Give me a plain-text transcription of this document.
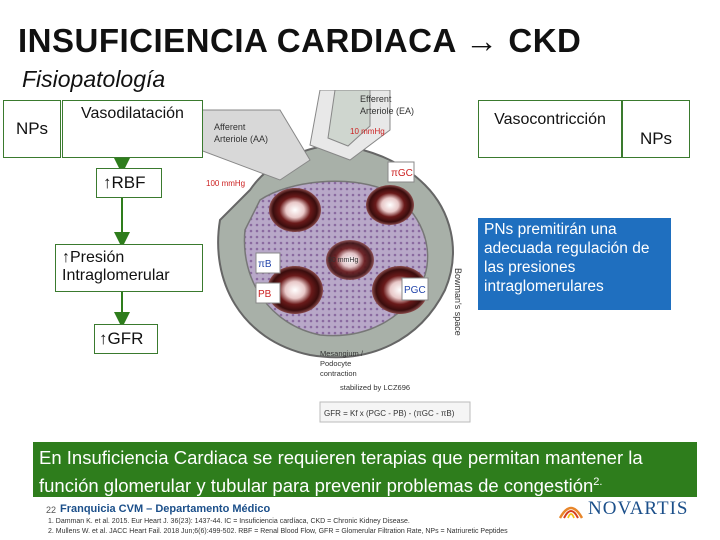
INSUFICIENCIA CARDIACA → CKD
Fisiopatología
πGC
πB
PB	PGC
Efferent
Arteriole (EA)
10 mmHg
Afferent
Arteriole (AA)
100 mmHg
50 mmHg
Bowman's space
Mesangium /
Podocyte
contraction
stabilized by LCZ696
GFR = Kf x (PGC - PB) - (πGC - πB)
NPs
Vasodilatación	Vasocontricción
NPs
↑RBF
↑Presión
Intraglomerular
↑GFR
PNs premitirán una adecuada regulación de las presiones intraglomerulares
En Insuficiencia Cardiaca se requieren terapias que permitan mantener la función glomerular y tubular para prevenir problemas de congestión$^{2.}$
22 Franquicia CVM – Departamento Médico	NOVARTIS
1. Damman K. et al. 2015. Eur Heart J. 36(23): 1437-44. IC = Insuficiencia cardíaca, CKD = Chronic Kidney Disease.
2. Mullens W. et al. JACC Heart Fail. 2018 Jun;6(6):499-502. RBF = Renal Blood Flow, GFR = Glomerular Filtration Rate, NPs = Natriuretic Peptides
